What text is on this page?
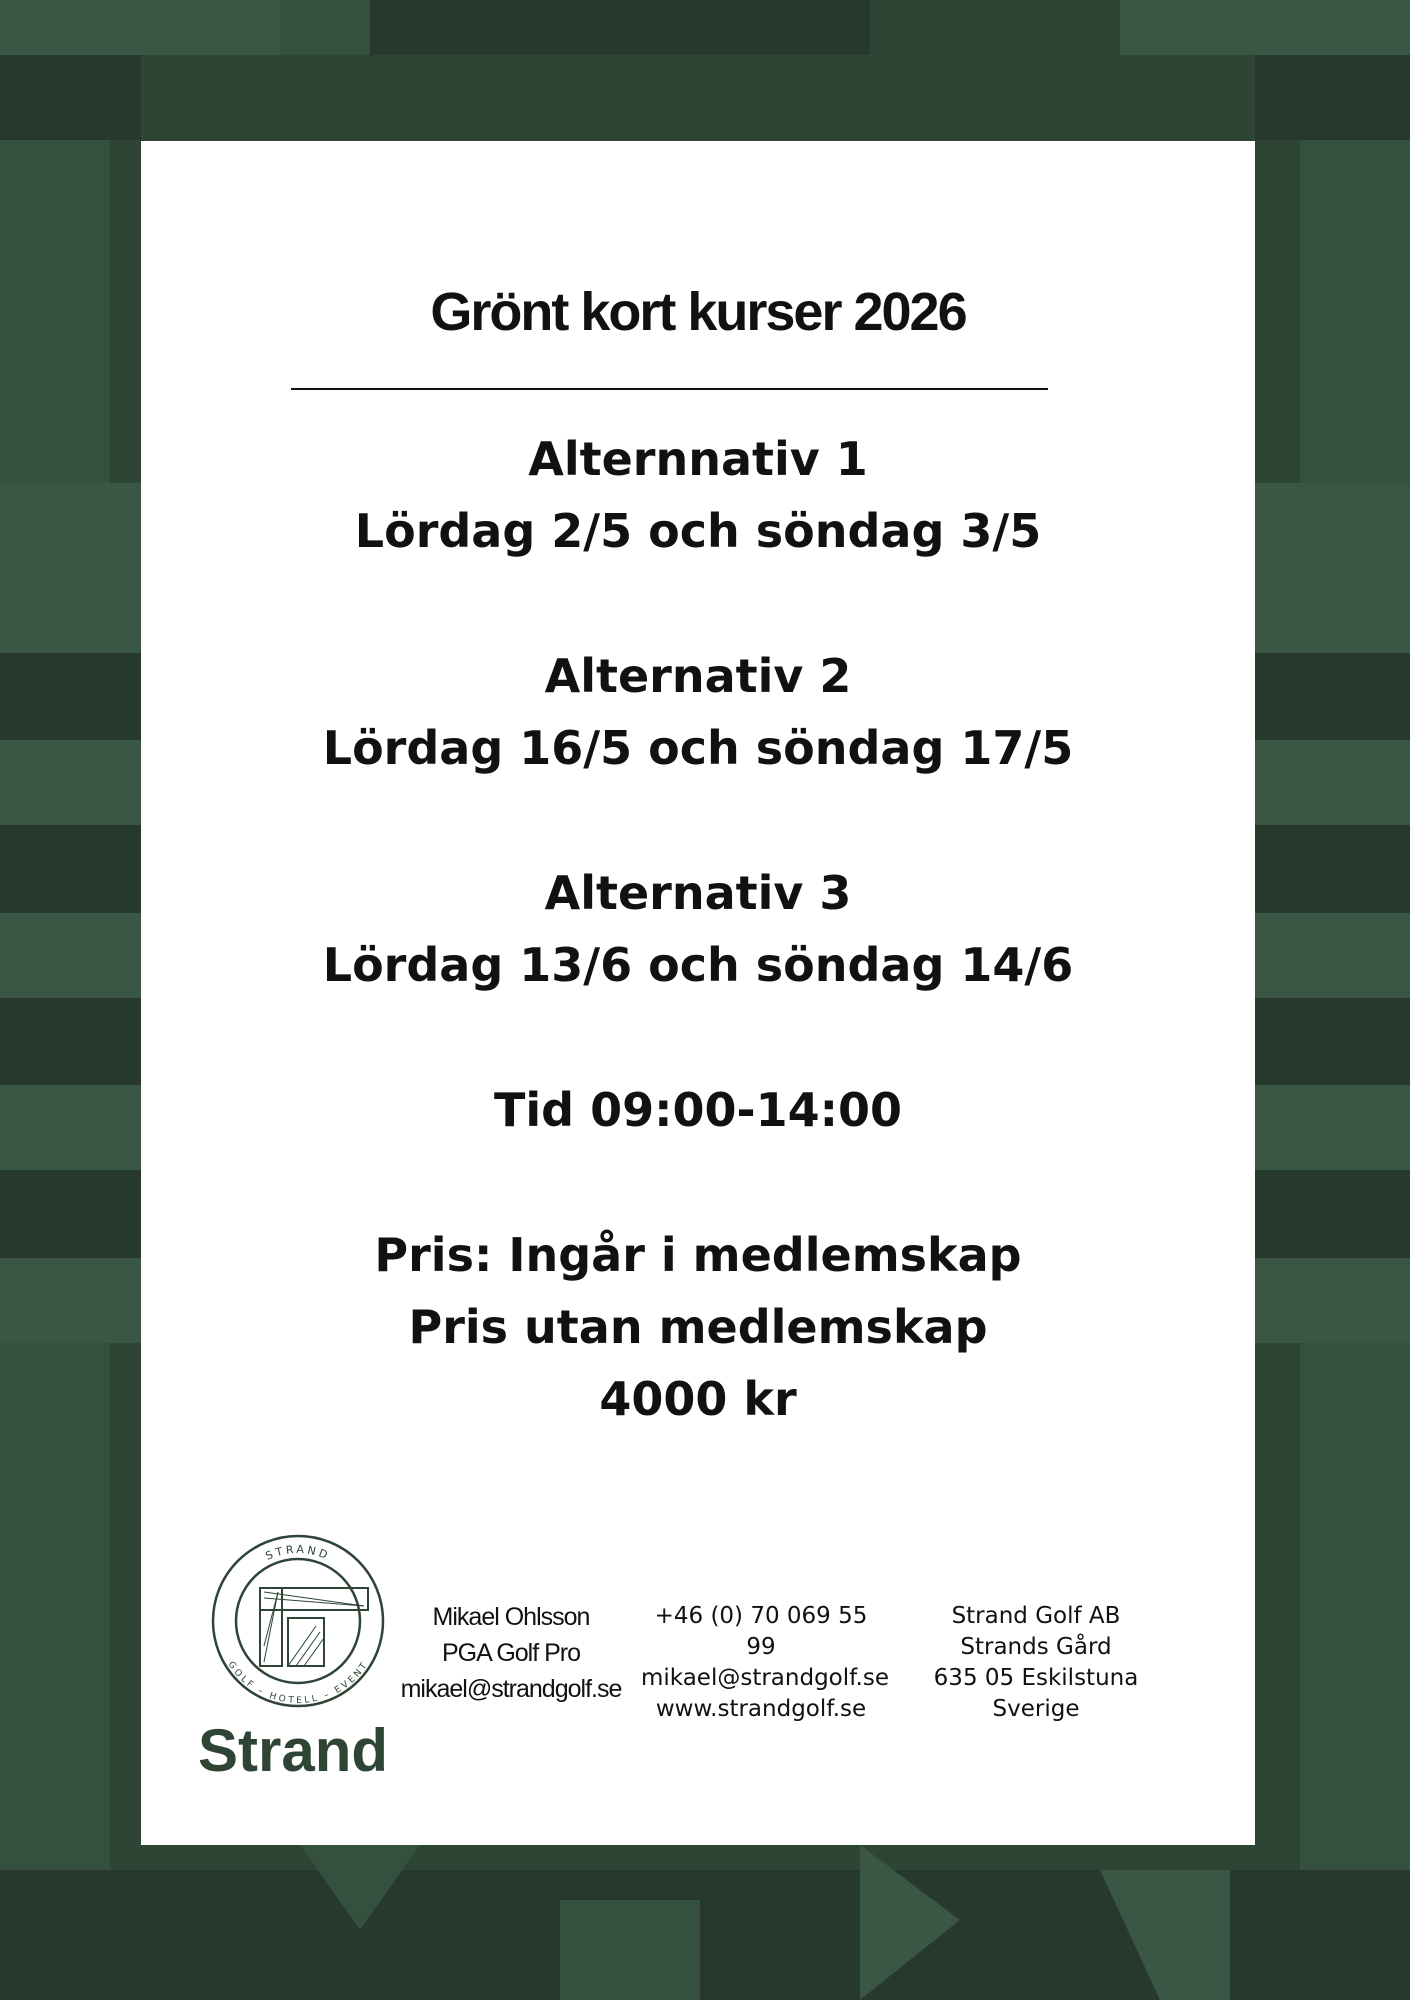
Grönt kort kurser 2026

Alternnativ 1

Lördag 2/5 och söndag 3/5

Alternativ 2

Lördag 16/5 och söndag 17/5

Alternativ 3

Lördag 13/6 och söndag 14/6

Tid 09:00-14:00

Pris: Ingår i medlemskap

Pris utan medlemskap

4000 kr

STRAND
GOLF – HOTELL – EVENT
Strand

Mikael Ohlsson

PGA Golf Pro

mikael@strandgolf.se

+46 (0) 70 069 55 99

mikael@strandgolf.se

www.strandgolf.se

Strand Golf AB

Strands Gård

635 05 Eskilstuna

Sverige
